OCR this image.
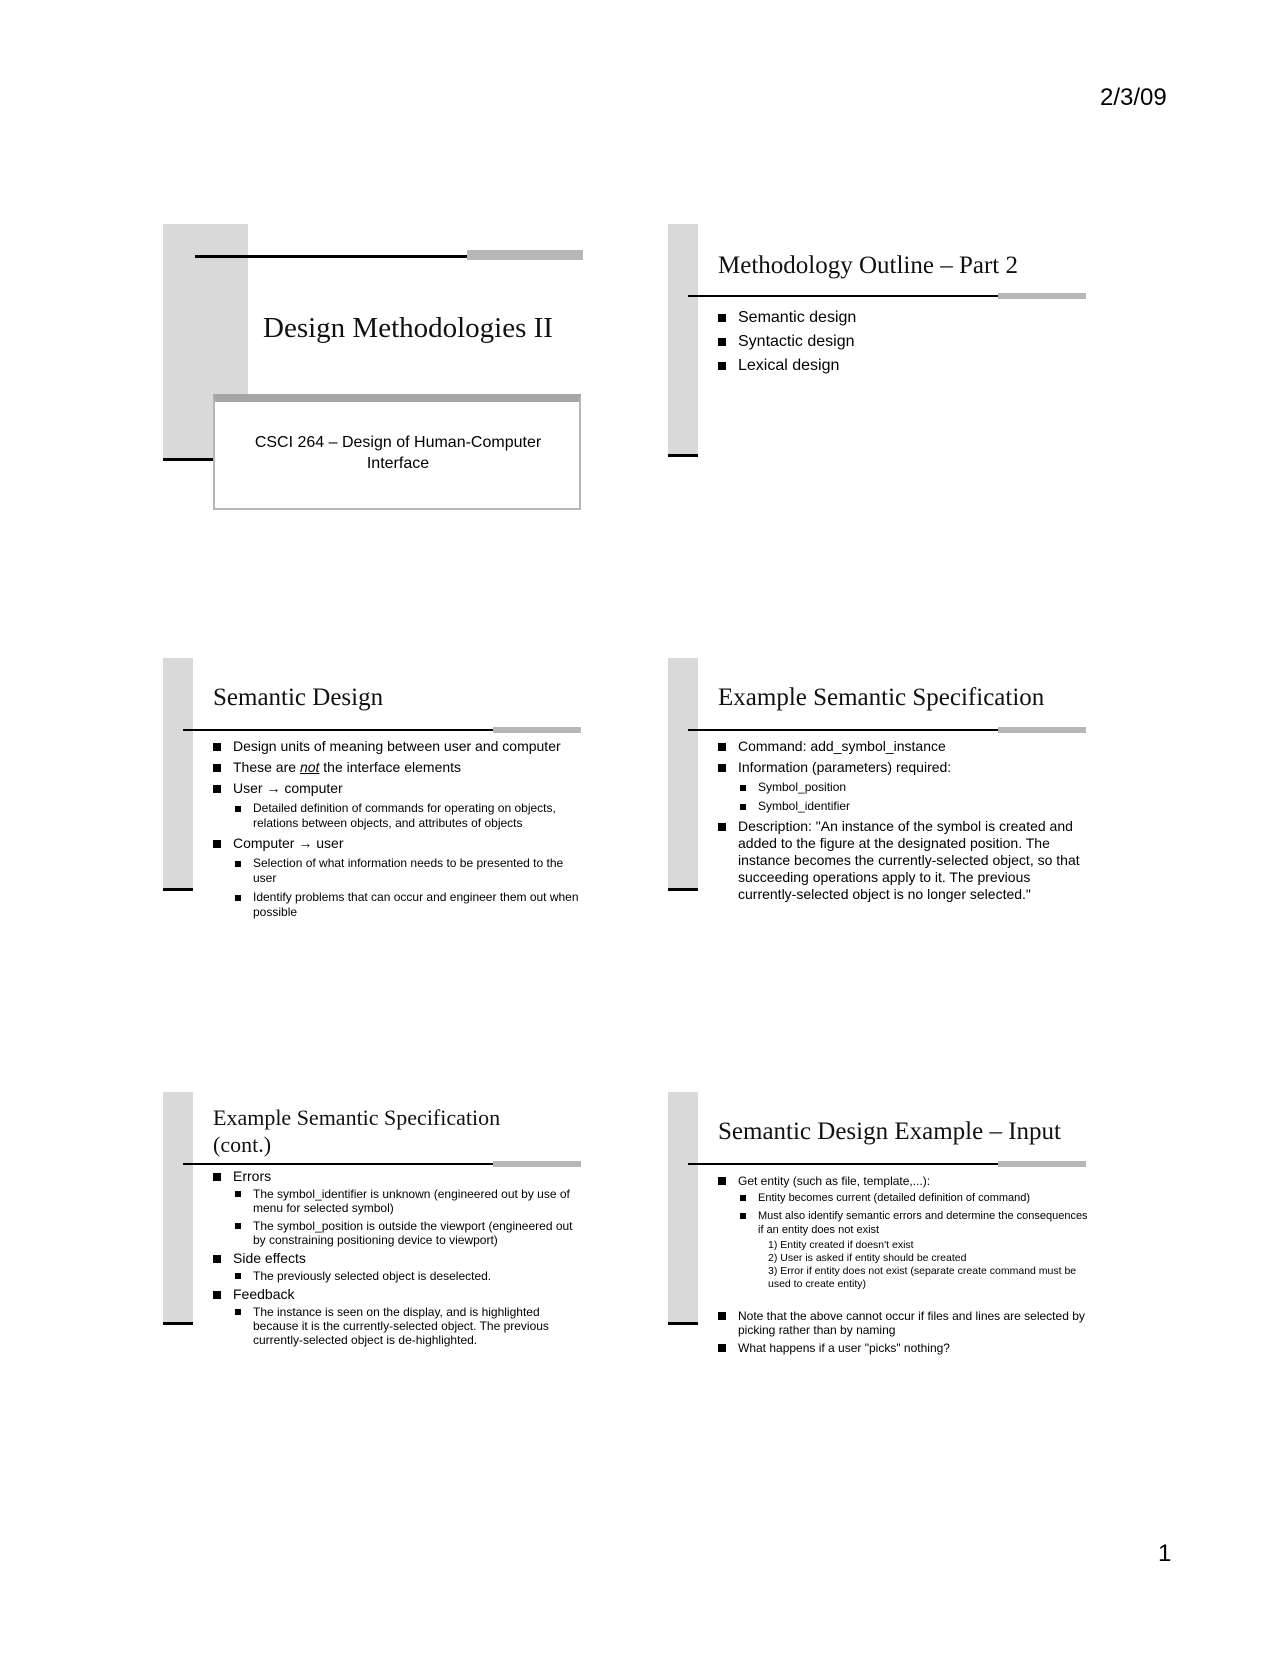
2/3/09
Design Methodologies II
CSCI 264 – Design of Human-Computer Interface
Methodology Outline – Part 2
Semantic design
Syntactic design
Lexical design
Semantic Design
Design units of meaning between user and computer
These are not the interface elements
User → computer
Detailed definition of commands for operating on objects, relations between objects, and attributes of objects
Computer → user
Selection of what information needs to be presented to the user
Identify problems that can occur and engineer them out when possible
Example Semantic Specification
Command: add_symbol_instance
Information (parameters) required:
Symbol_position
Symbol_identifier
Description: "An instance of the symbol is created and added to the figure at the designated position. The instance becomes the currently-selected object, so that succeeding operations apply to it. The previous currently-selected object is no longer selected."
Example Semantic Specification (cont.)
Errors
The symbol_identifier is unknown (engineered out by use of menu for selected symbol)
The symbol_position is outside the viewport (engineered out by constraining positioning device to viewport)
Side effects
The previously selected object is deselected.
Feedback
The instance is seen on the display, and is highlighted because it is the currently-selected object. The previous currently-selected object is de-highlighted.
Semantic Design Example – Input
Get entity (such as file, template,...):
Entity becomes current (detailed definition of command)
Must also identify semantic errors and determine the consequences if an entity does not exist
1) Entity created if doesn't exist
2) User is asked if entity should be created
3) Error if entity does not exist (separate create command must be used to create entity)
Note that the above cannot occur if files and lines are selected by picking rather than by naming
What happens if a user "picks" nothing?
1
